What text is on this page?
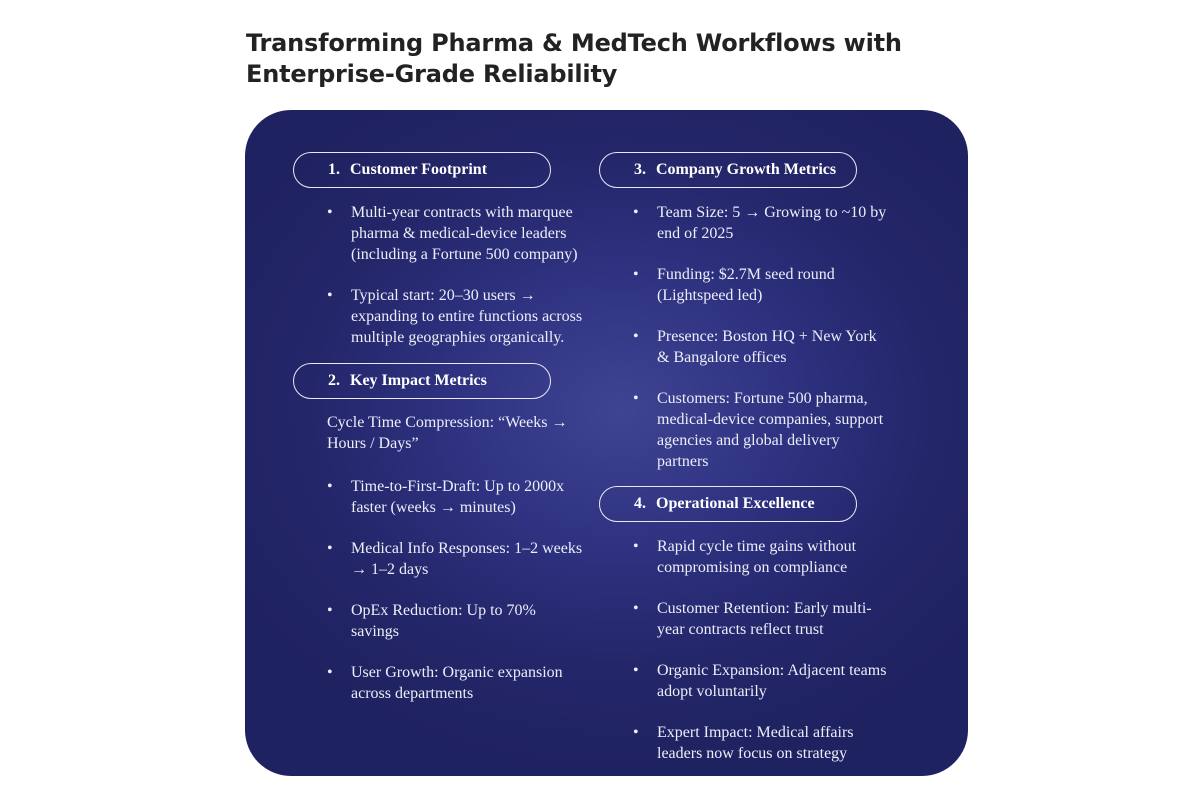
Transforming Pharma & MedTech Workflows with
Enterprise-Grade Reliability
1. Customer Footprint
• Multi-year contracts with marquee pharma & medical-device leaders (including a Fortune 500 company)
• Typical start: 20–30 users → expanding to entire functions across multiple geographies organically.
2. Key Impact Metrics
Cycle Time Compression: “Weeks → Hours / Days”
• Time-to-First-Draft: Up to 2000x faster (weeks → minutes)
• Medical Info Responses: 1–2 weeks → 1–2 days
• OpEx Reduction: Up to 70% savings
• User Growth: Organic expansion across departments
3. Company Growth Metrics
• Team Size: 5 → Growing to ~10 by end of 2025
• Funding: $2.7M seed round (Lightspeed led)
• Presence: Boston HQ + New York & Bangalore offices
• Customers: Fortune 500 pharma, medical-device companies, support agencies and global delivery partners
4. Operational Excellence
• Rapid cycle time gains without compromising on compliance
• Customer Retention: Early multi-year contracts reflect trust
• Organic Expansion: Adjacent teams adopt voluntarily
• Expert Impact: Medical affairs leaders now focus on strategy
